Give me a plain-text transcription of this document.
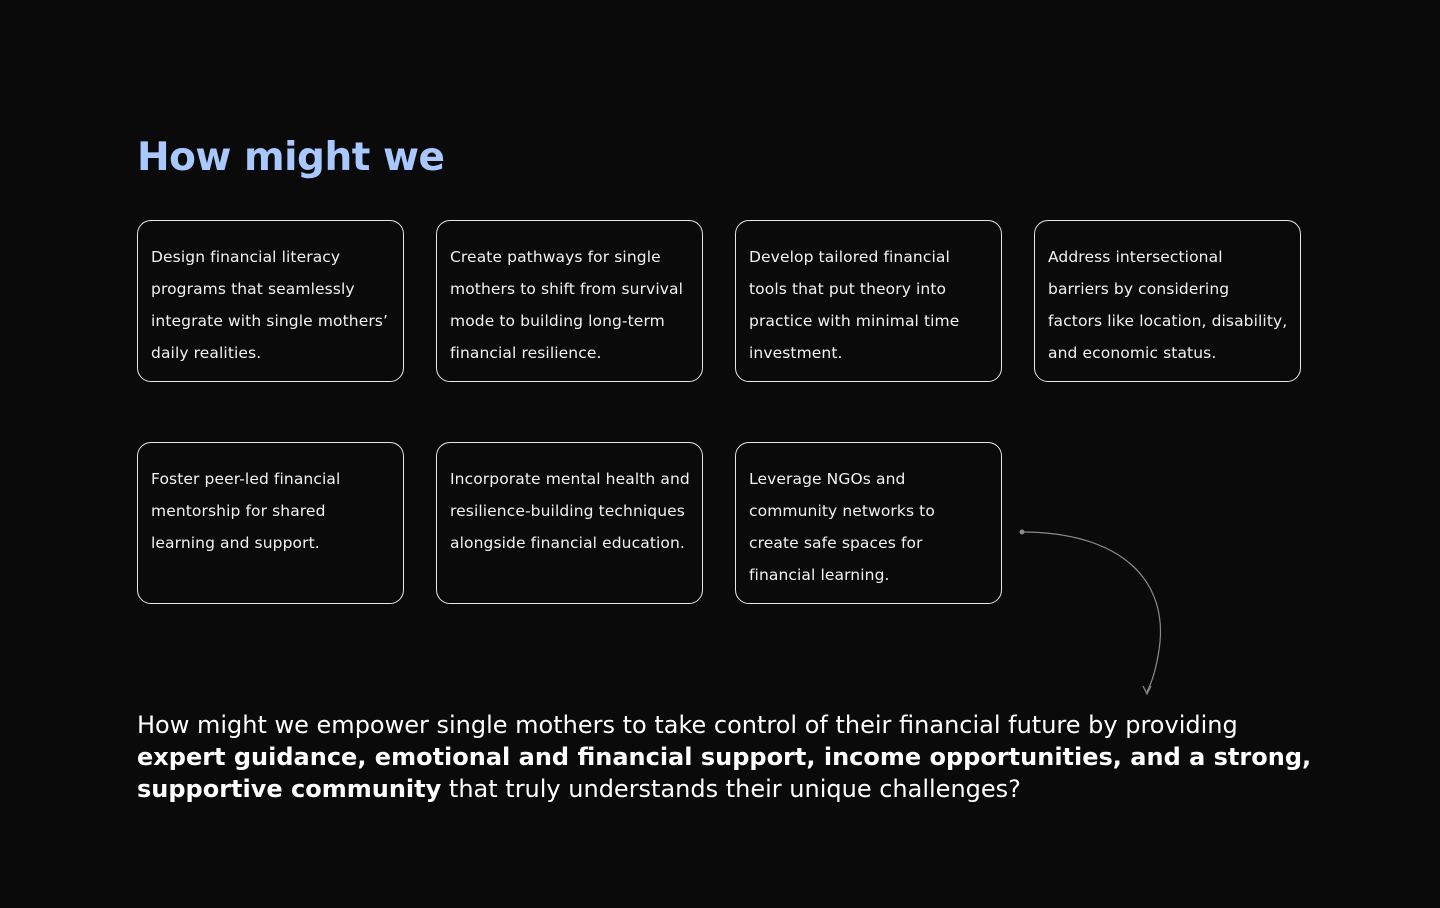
How might we
Design financial literacy programs that seamlessly integrate with single mothers’ daily realities.
Create pathways for single mothers to shift from survival mode to building long-term financial resilience.
Develop tailored financial tools that put theory into practice with minimal time investment.
Address intersectional barriers by considering factors like location, disability, and economic status.
Foster peer-led financial mentorship for shared learning and support.
Incorporate mental health and resilience-building techniques alongside financial education.
Leverage NGOs and community networks to create safe spaces for financial learning.

How might we empower single mothers to take control of their financial future by providing expert guidance, emotional and financial support, income opportunities, and a strong, supportive community that truly understands their unique challenges?
